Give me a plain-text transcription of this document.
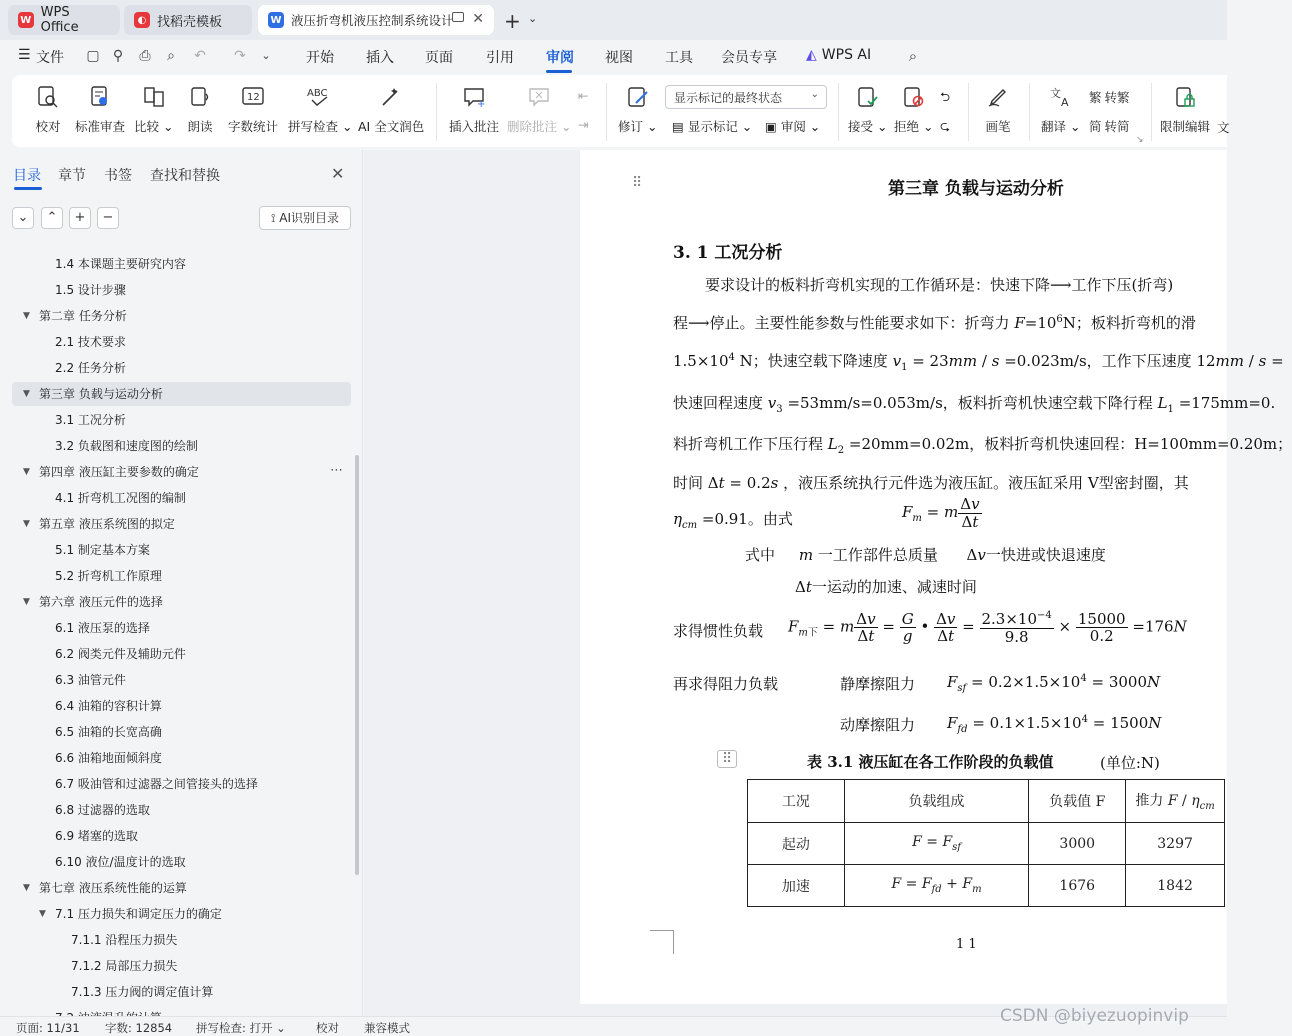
W WPS Office	◐ 找稻壳模板	W 液压折弯机液压控制系统设计 ✕ + ⌄
☰ 文件 ▢ ⚲ ⎙ ⌕ ↶ ↷	⌄	开始 插入 页面 引用 审阅 视图 工具 会员专享 ◭ WPS AI	⌕
校对 标准审查 比较 ⌄ 朗读
12
字数统计
ABC
拼写检查 ⌄ AI 全文润色
+
插入批注 删除批注 ⌄
⇤
⇥ 修订 ⌄
显示标记的最终状态	⌄
▤ 显示标记 ⌄ ▣ 审阅 ⌄ 接受 ⌄ 拒绝 ⌄
⮌
⮎	画笔
文
A
翻译 ⌄
繁 转繁
简 转简
↘
限制编辑 文
目录 章节 书签 查找和替换	✕
⌄	⌃	+	−	⟟ AI识别目录
1.4 本课题主要研究内容
1.5 设计步骤
▼ 第二章 任务分析
2.1 技术要求
2.2 任务分析
▼ 第三章 负载与运动分析
3.1 工况分析
3.2 负载图和速度图的绘制
▼ 第四章 液压缸主要参数的确定
4.1 折弯机工况图的编制
▼ 第五章 液压系统图的拟定
5.1 制定基本方案
5.2 折弯机工作原理
▼ 第六章 液压元件的选择
6.1 液压泵的选择
6.2 阀类元件及辅助元件
6.3 油管元件
6.4 油箱的容积计算
6.5 油箱的长宽高确
6.6 油箱地面倾斜度
6.7 吸油管和过滤器之间管接头的选择
6.8 过滤器的选取
6.9 堵塞的选取
6.10 液位/温度计的选取
▼ 第七章 液压系统性能的运算
▼ 7.1 压力损失和调定压力的确定
7.1.1 沿程压力损失
7.1.2 局部压力损失
7.1.3 压力阀的调定值计算
⋯
⠿	第三章 负载与运动分析
3. 1 工况分析
要求设计的板料折弯机实现的工作循环是：快速下降⟶工作下压(折弯)
程⟶停止。主要性能参数与性能要求如下：折弯力 $F=10^6N$；板料折弯机的滑
$1.5\times 10^4$ N；快速空载下降速度 $v_1 = 23mm / s =0.023m/s$，工作下压速度 12mm / s =
快速回程速度 $v_3 =53mm/s=0.053m/s$，板料折弯机快速空载下降行程 $L_1 =175mm=0$.
料折弯机工作下压行程 $L_2 =20mm=0.02m$，板料折弯机快速回程：H=100mm=0.20m；
时间 Δt = 0.2s ，液压系统执行元件选为液压缸。液压缸采用 V型密封圈，其
$\eta_{cm} =0.91$。由式	$F_m = m \frac{\Delta v}{\Delta t}$
式中 m 一工作部件总质量      Δv一快进或快退速度
Δt一运动的加速、减速时间
求得惯性负载 $F_{m下} = m \frac{\Delta v}{\Delta t} = \frac{G}{g}$ • $\frac{\Delta v}{\Delta t} = \frac{2.3\times 10^{-4}}{9.8} \times \frac{15000}{0.2} =176N$
再求得阻力负载	静摩擦阻力 $F_{sf} = 0.2\times 1.5\times 10^4 = 3000N$
动摩擦阻力 $F_{fd} = 0.1\times 1.5\times 10^4 = 1500N$
⠿	表 3.1 液压缸在各工作阶段的负载值	(单位:N)
工况	负载组成	负载值 F	推力 F / $\eta_{cm}$
起动	$F = F_{sf}$	3000	3297
加速	$F = F_{fd} + F_m$	1676	1842
1 1
页面: 11/31 字数: 12854 拼写检查: 打开 ⌄	校对 兼容模式
CSDN @biyezuopinvip
